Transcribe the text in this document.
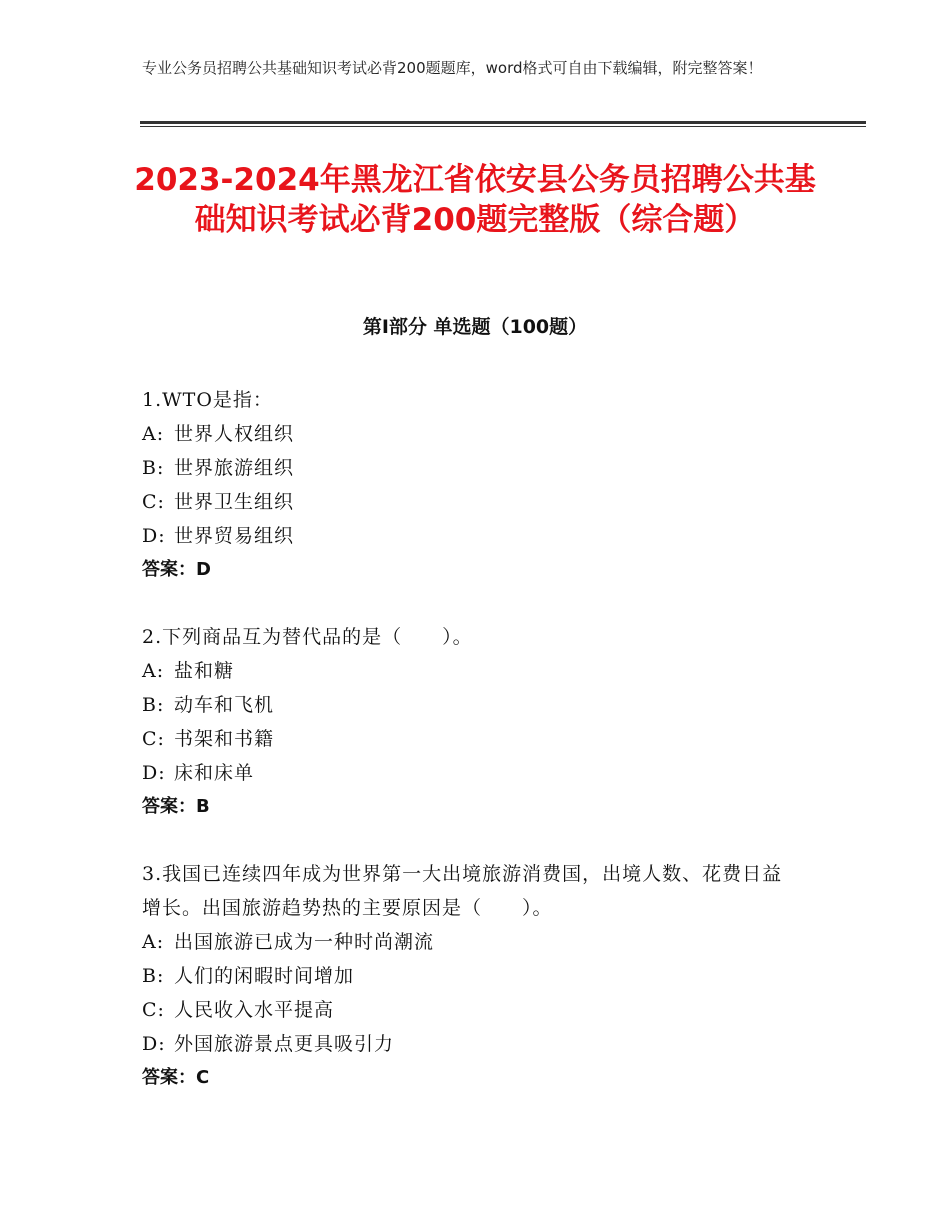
专业公务员招聘公共基础知识考试必背200题题库，word格式可自由下载编辑，附完整答案！
2023-2024年黑龙江省依安县公务员招聘公共基础知识考试必背200题完整版（综合题）
第Ⅰ部分 单选题（100题）
1.WTO是指：
A: 世界人权组织
B: 世界旅游组织
C: 世界卫生组织
D: 世界贸易组织
答案：D
2.下列商品互为替代品的是（　　）。
A: 盐和糖
B: 动车和飞机
C: 书架和书籍
D: 床和床单
答案：B
3.我国已连续四年成为世界第一大出境旅游消费国，出境人数、花费日益增长。出国旅游趋势热的主要原因是（　　）。
A: 出国旅游已成为一种时尚潮流
B: 人们的闲暇时间增加
C: 人民收入水平提高
D: 外国旅游景点更具吸引力
答案：C
